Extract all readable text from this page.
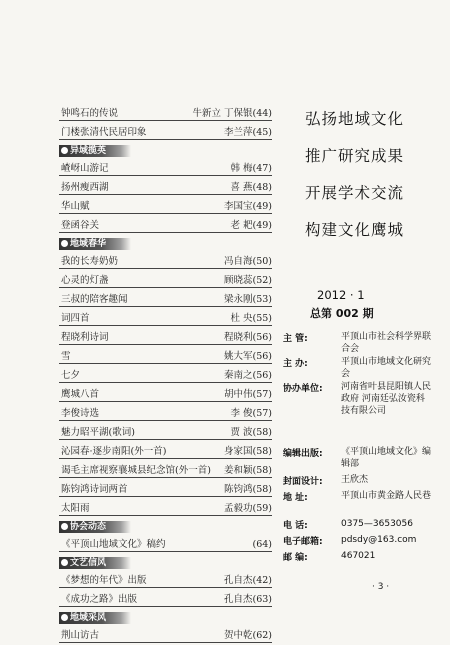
钟鸣石的传说	牛新立 丁保银(44)
门楼张清代民居印象	李兰萍(45)
异域揽英
嵖岈山游记	韩 梅(47)
扬州瘦西湖	喜 燕(48)
华山赋	李国宝(49)
登函谷关	老 耙(49)
地域春华
我的长寿奶奶	冯自海(50)
心灵的灯盏	顾晓蕊(52)
三叔的陪客趣闻	梁永刚(53)
词四首	杜 央(55)
程晓利诗词	程晓利(56)
雪	姚大军(56)
七夕	秦南之(56)
鹰城八首	胡中伟(57)
李俊诗选	李 俊(57)
魅力昭平湖(歌词)	贾 波(58)
沁园春·逐步南阳(外一首)	身家国(58)
谒毛主席视察襄城县纪念馆(外一首) 姜和颖(58)
陈钧鸿诗词两首	陈钧鸿(58)
太阳雨	孟毅功(59)
协会动态
《平顶山地域文化》稿约	(64)
文艺信风
《梦想的年代》出版	孔自杰(42)
《成功之路》出版	孔自杰(63)
地域采风
荆山访古	贺中乾(62)
弘扬地域文化
推广研究成果
开展学术交流
构建文化鹰城
2012 · 1
总第 002 期
主 管:	平顶山市社会科学界联合会
主 办:	平顶山市地域文化研究会
协办单位: 河南省叶县昆阳镇人民政府 河南廷弘汝瓷科技有限公司
编辑出版: 《平顶山地域文化》编辑部
封面设计: 王欣杰
地 址:	平顶山市黄金路人民巷
电 话:	0375—3653056
电子邮箱: pdsdy@163.com
邮 编:	467021
· 3 ·
